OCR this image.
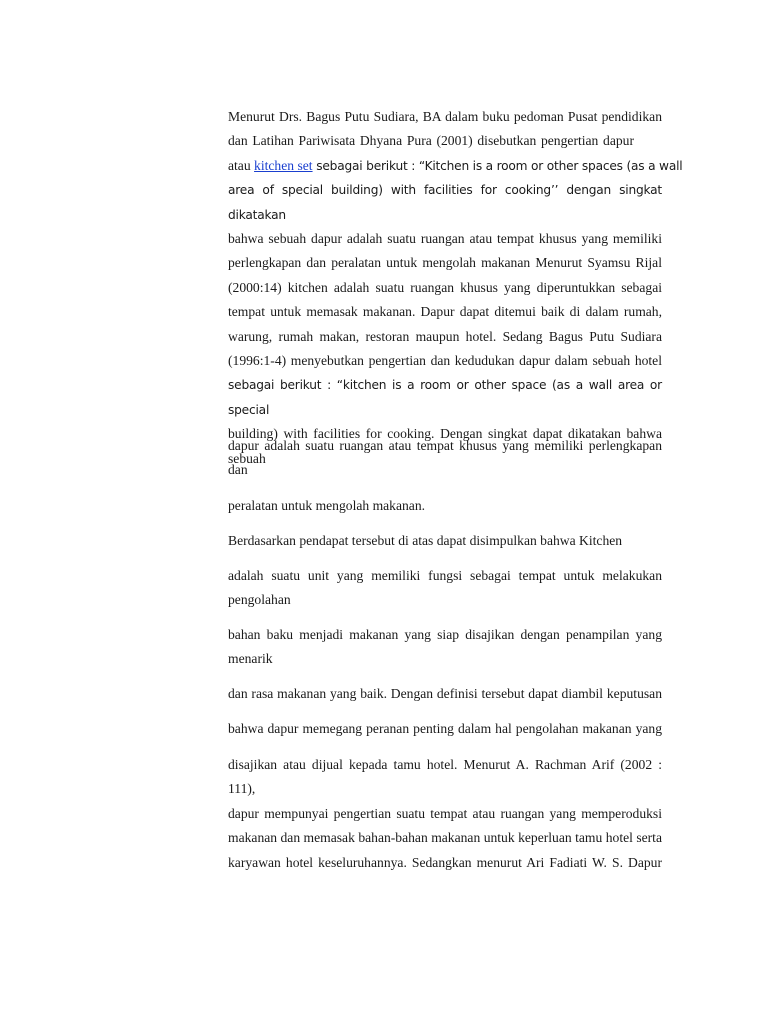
Menurut Drs. Bagus Putu Sudiara, BA dalam buku pedoman Pusat pendidikan
dan Latihan Pariwisata Dhyana Pura (2001) disebutkan pengertian dapur
atau kitchen set sebagai berikut : “Kitchen is a room or other spaces (as a wall
area of special building) with facilities for cooking’’ dengan singkat dikatakan
bahwa sebuah dapur adalah suatu ruangan atau tempat khusus yang memiliki
perlengkapan dan peralatan untuk mengolah makanan Menurut Syamsu Rijal
(2000:14) kitchen adalah suatu ruangan khusus yang diperuntukkan sebagai
tempat untuk memasak makanan. Dapur dapat ditemui baik di dalam rumah,
warung, rumah makan, restoran maupun hotel. Sedang Bagus Putu Sudiara
(1996:1-4) menyebutkan pengertian dan kedudukan dapur dalam sebuah hotel
sebagai berikut : “kitchen is a room or other space (as a wall area or special
building) with facilities for cooking. Dengan singkat dapat dikatakan bahwa
sebuah

dapur adalah suatu ruangan atau tempat khusus yang memiliki perlengkapan
dan

peralatan untuk mengolah makanan.

Berdasarkan pendapat tersebut di atas dapat disimpulkan bahwa Kitchen

adalah suatu unit yang memiliki fungsi sebagai tempat untuk melakukan
pengolahan

bahan baku menjadi makanan yang siap disajikan dengan penampilan yang
menarik

dan rasa makanan yang baik. Dengan definisi tersebut dapat diambil keputusan

bahwa dapur memegang peranan penting dalam hal pengolahan makanan yang

disajikan atau dijual kepada tamu hotel. Menurut A. Rachman Arif (2002 : 111),
dapur mempunyai pengertian suatu tempat atau ruangan yang memperoduksi
makanan dan memasak bahan-bahan makanan untuk keperluan tamu hotel serta
karyawan hotel keseluruhannya. Sedangkan menurut Ari Fadiati W. S. Dapur
